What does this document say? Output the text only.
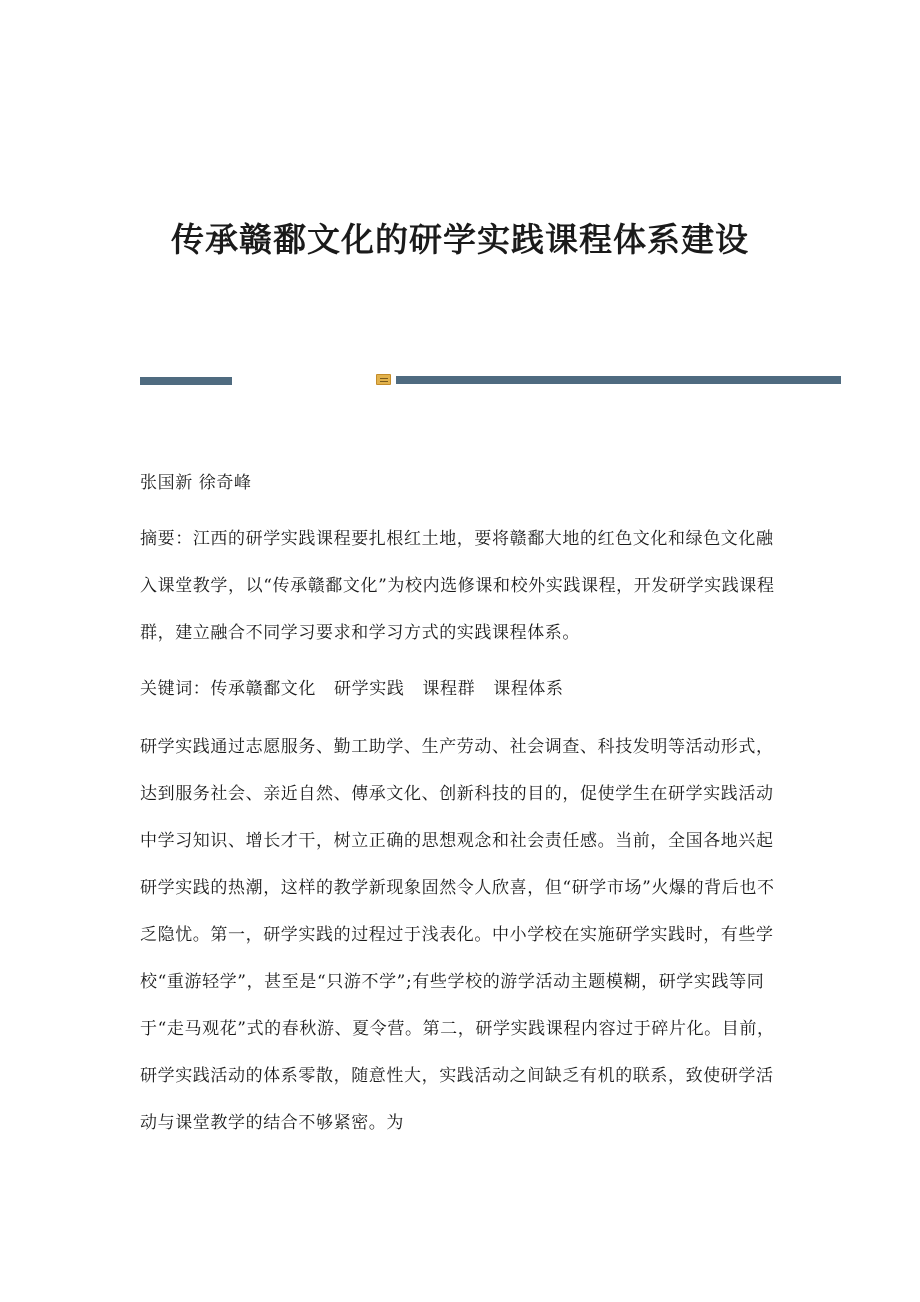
传承赣鄱文化的研学实践课程体系建设

张国新 徐奇峰

摘要：江西的研学实践课程要扎根红土地，要将赣鄱大地的红色文化和绿色文化融入课堂教学，以“传承赣鄱文化”为校内选修课和校外实践课程，开发研学实践课程群，建立融合不同学习要求和学习方式的实践课程体系。

关键词：传承赣鄱文化 研学实践 课程群 课程体系

研学实践通过志愿服务、勤工助学、生产劳动、社会调查、科技发明等活动形式，达到服务社会、亲近自然、傳承文化、创新科技的目的，促使学生在研学实践活动中学习知识、增长才干，树立正确的思想观念和社会责任感。当前，全国各地兴起研学实践的热潮，这样的教学新现象固然令人欣喜，但“研学市场”火爆的背后也不乏隐忧。第一，研学实践的过程过于浅表化。中小学校在实施研学实践时，有些学校“重游轻学”，甚至是“只游不学”;有些学校的游学活动主题模糊，研学实践等同于“走马观花”式的春秋游、夏令营。第二，研学实践课程内容过于碎片化。目前，研学实践活动的体系零散，随意性大，实践活动之间缺乏有机的联系，致使研学活动与课堂教学的结合不够紧密。为
